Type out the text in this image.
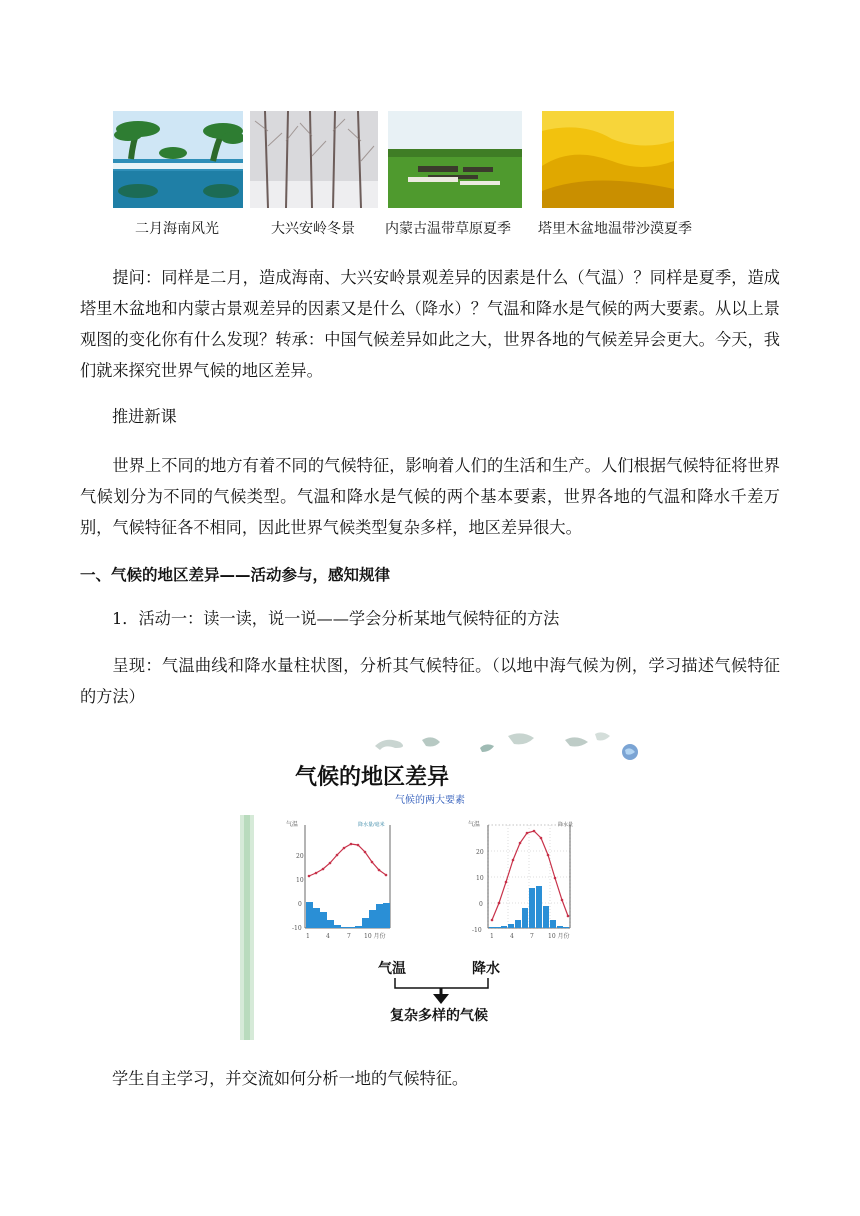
二月海南风光	大兴安岭冬景 内蒙古温带草原夏季 塔里木盆地温带沙漠夏季

提问：同样是二月，造成海南、大兴安岭景观差异的因素是什么（气温）？同样是夏季，造成塔里木盆地和内蒙古景观差异的因素又是什么（降水）？气温和降水是气候的两大要素。从以上景观图的变化你有什么发现？转承：中国气候差异如此之大，世界各地的气候差异会更大。今天，我们就来探究世界气候的地区差异。

推进新课

世界上不同的地方有着不同的气候特征，影响着人们的生活和生产。人们根据气候特征将世界气候划分为不同的气候类型。气温和降水是气候的两个基本要素，世界各地的气温和降水千差万别，气候特征各不相同，因此世界气候类型复杂多样，地区差异很大。

一、气候的地区差异——活动参与，感知规律
1．活动一：读一读，说一说——学会分析某地气候特征的方法

呈现：气温曲线和降水量柱状图，分析其气候特征。（以地中海气候为例，学习描述气候特征的方法）

气候的地区差异
气候的两大要素
气温	降水量/毫米
20
10
0
-10
1	4	7 10 月份
气温	降水量
20
10
0
-10
1	4	7 10 月份
气温	降水
复杂多样的气候
学生自主学习，并交流如何分析一地的气候特征。
